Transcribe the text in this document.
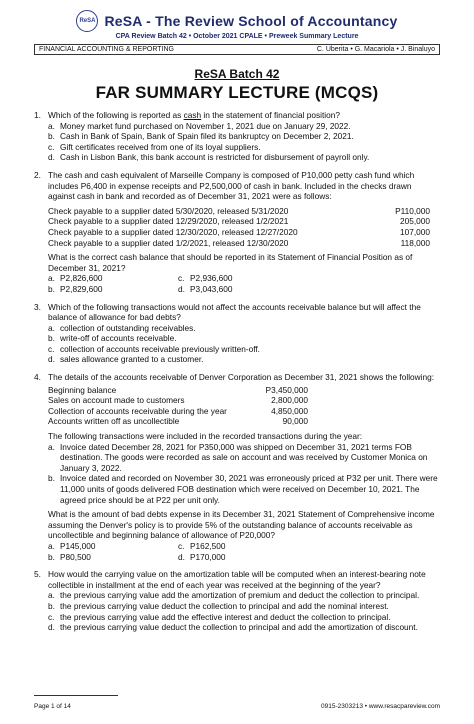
ReSA ReSA - The Review School of Accountancy
CPA Review Batch 42 • October 2021 CPALE • Preweek Summary Lecture
FINANCIAL ACCOUNTING & REPORTING	C. Uberita • G. Macariola • J. Binaluyo
ReSA Batch 42
FAR SUMMARY LECTURE (MCQS)
1. Which of the following is reported as cash in the statement of financial position?
a. Money market fund purchased on November 1, 2021 due on January 29, 2022.
b. Cash in Bank of Spain, Bank of Spain filed its bankruptcy on December 2, 2021.
c. Gift certificates received from one of its loyal suppliers.
d. Cash in Lisbon Bank, this bank account is restricted for disbursement of payroll only.
2. The cash and cash equivalent of Marseille Company is composed of P10,000 petty cash fund which includes P6,400 in expense receipts and P2,500,000 of cash in bank. Included in the checks drawn against cash in bank and recorded as of December 31, 2021 were as follows:
Check payable to a supplier dated 5/30/2020, released 5/31/2020	P110,000
Check payable to a supplier dated 12/29/2020, released 1/2/2021	205,000
Check payable to a supplier dated 12/30/2020, released 12/27/2020	107,000
Check payable to a supplier dated 1/2/2021, released 12/30/2020	118,000
What is the correct cash balance that should be reported in its Statement of Financial Position as of December 31, 2021?
a. P2,826,600	c. P2,936,600
b. P2,829,600	d. P3,043,600
3. Which of the following transactions would not affect the accounts receivable balance but will affect the balance of allowance for bad debts?
a. collection of outstanding receivables.
b. write-off of accounts receivable.
c. collection of accounts receivable previously written-off.
d. sales allowance granted to a customer.
4. The details of the accounts receivable of Denver Corporation as December 31, 2021 shows the following:
Beginning balance	P3,450,000
Sales on account made to customers	2,800,000
Collection of accounts receivable during the year	4,850,000
Accounts written off as uncollectible	90,000
The following transactions were included in the recorded transactions during the year:
a. Invoice dated December 28, 2021 for P350,000 was shipped on December 31, 2021 terms FOB destination. The goods were recorded as sale on account and was received by Customer Monica on January 3, 2022.
b. Invoice dated and recorded on November 30, 2021 was erroneously priced at P32 per unit. There were 11,000 units of goods delivered FOB destination which were received on December 10, 2021. The agreed price should be at P22 per unit only.
What is the amount of bad debts expense in its December 31, 2021 Statement of Comprehensive income assuming the Denver's policy is to provide 5% of the outstanding balance of accounts receivable as uncollectible and beginning balance of allowance of P20,000?
a. P145,000	c. P162,500
b. P80,500	d. P170,000
5. How would the carrying value on the amortization table will be computed when an interest-bearing note collectible in installment at the end of each year was received at the beginning of the year?
a. the previous carrying value add the amortization of premium and deduct the collection to principal.
b. the previous carrying value deduct the collection to principal and add the nominal interest.
c. the previous carrying value add the effective interest and deduct the collection to principal.
d. the previous carrying value deduct the collection to principal and add the amortization of discount.
Page 1 of 14	0915-2303213 • www.resacpareview.com
